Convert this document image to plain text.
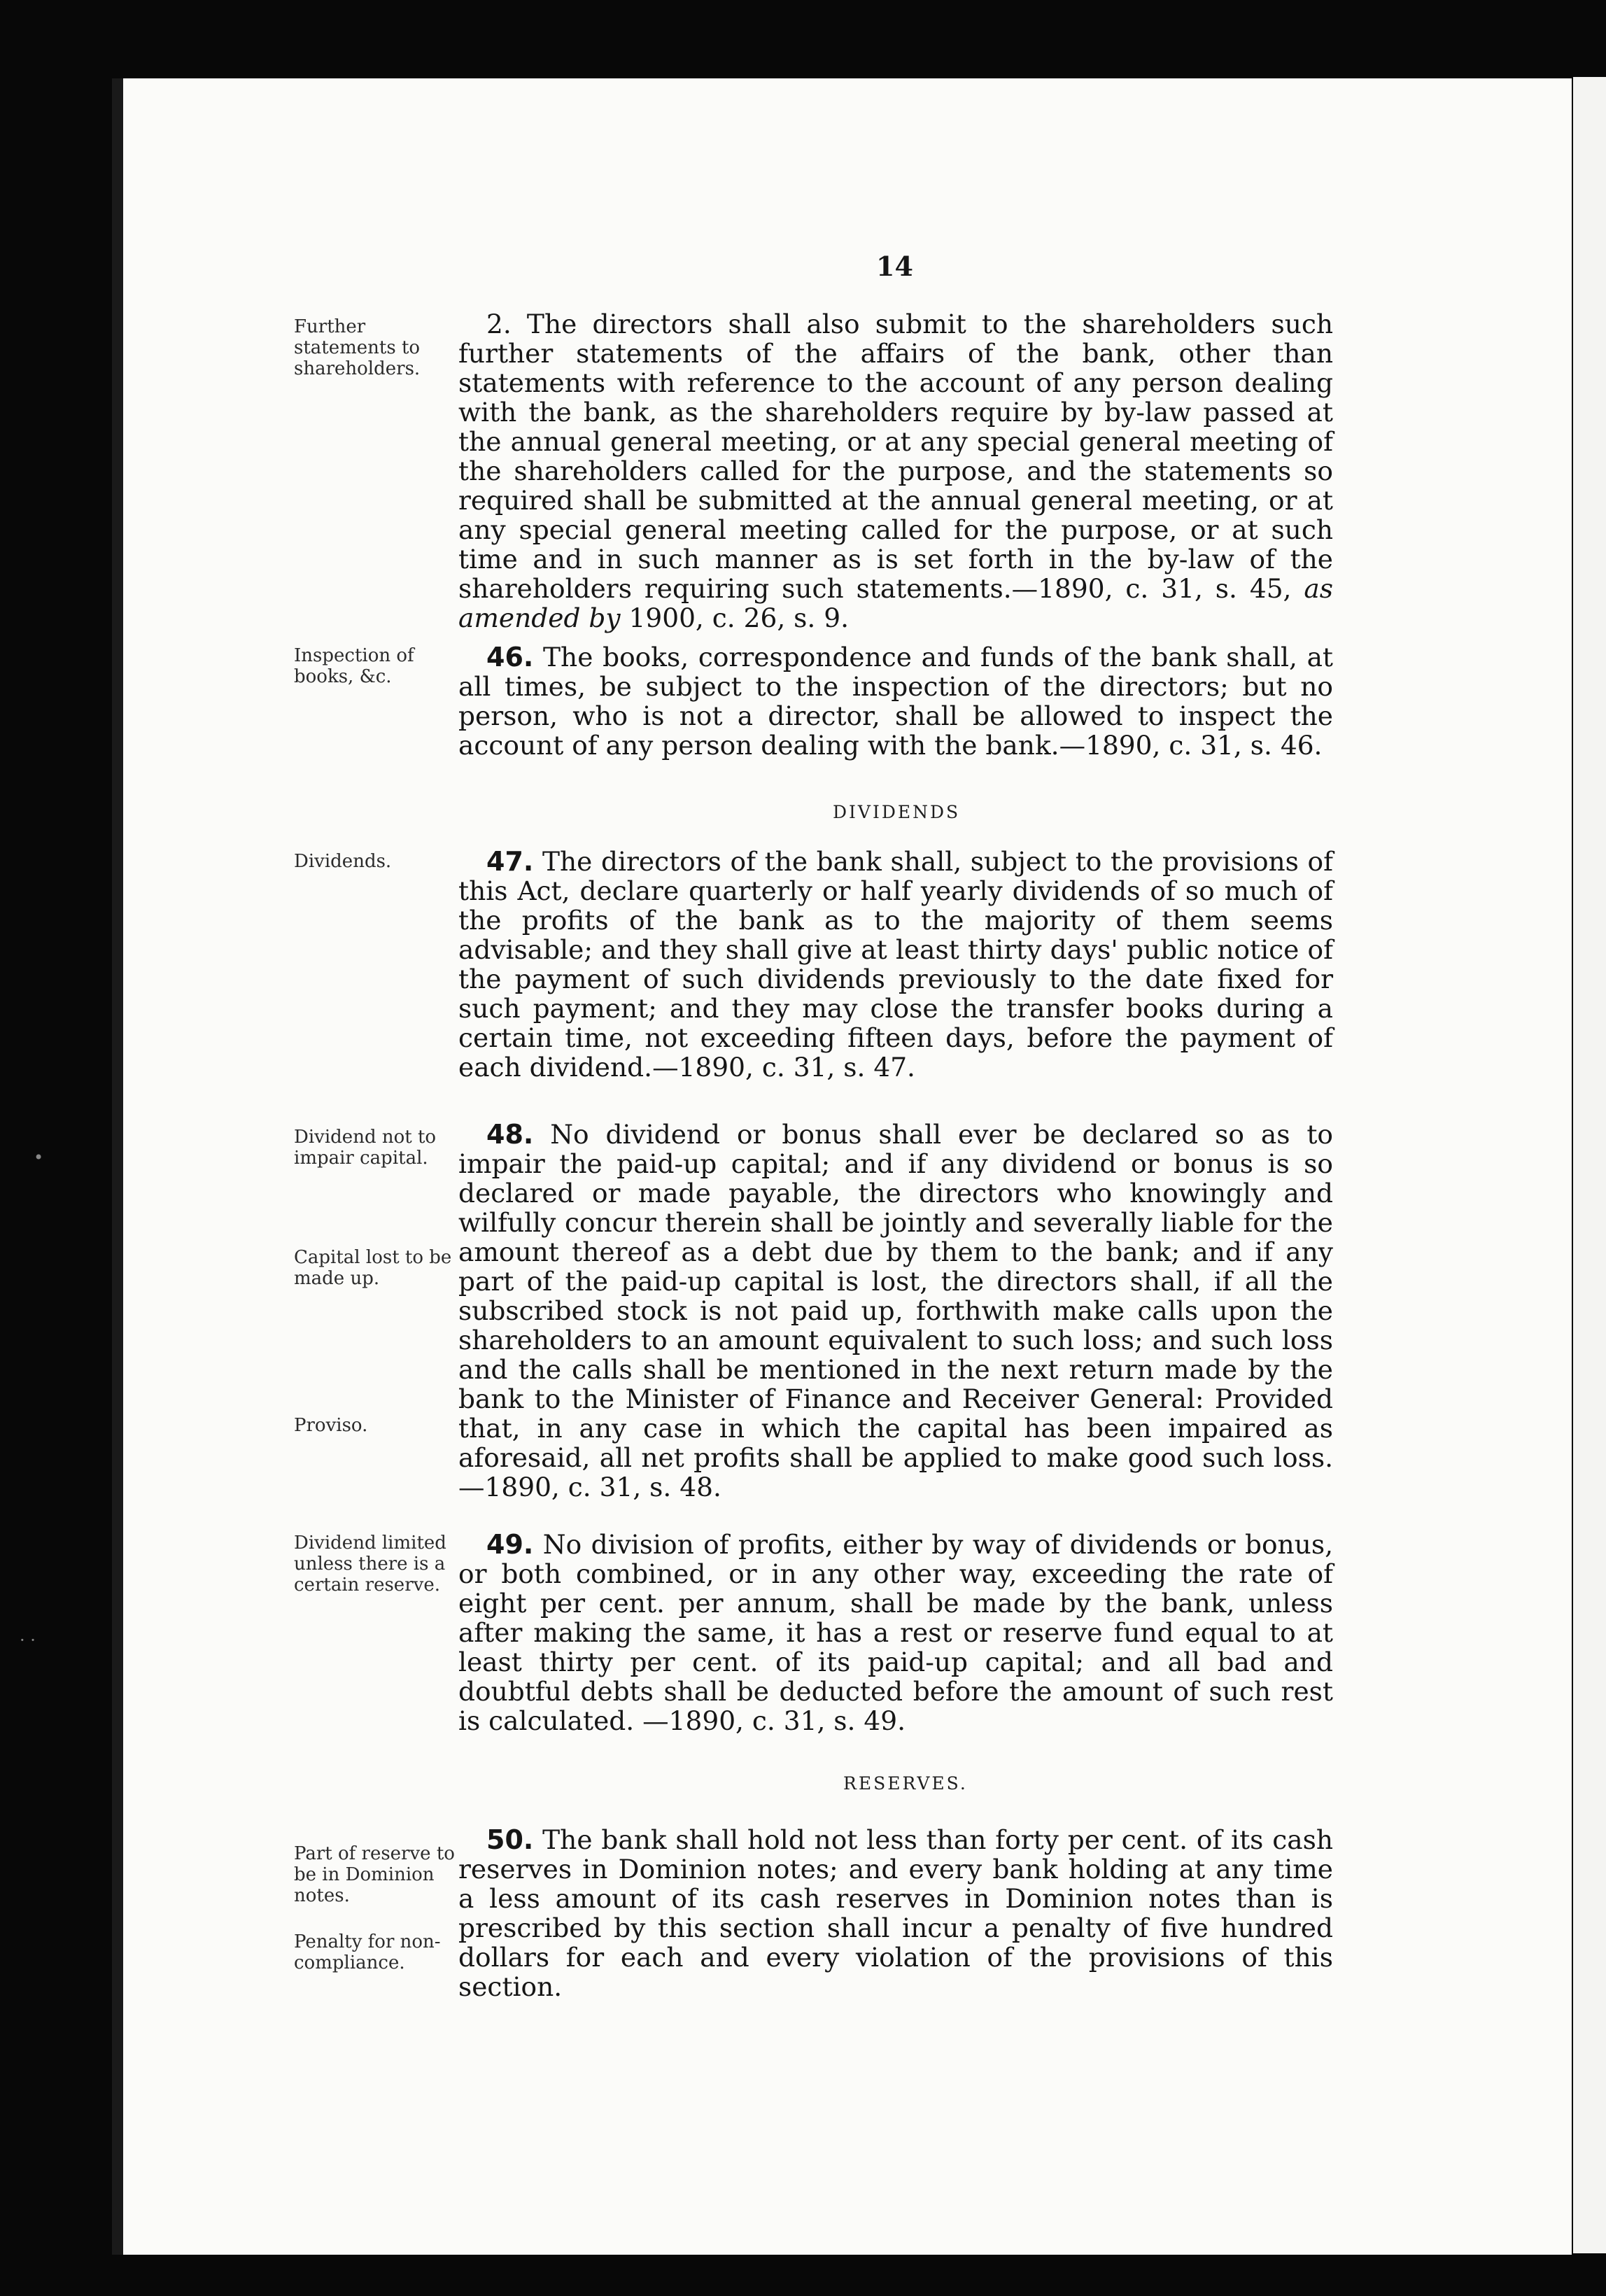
•
· ·
14

Further statements to shareholders.

2. The directors shall also submit to the shareholders such further statements of the affairs of the bank, other than statements with reference to the account of any person dealing with the bank, as the shareholders require by by-law passed at the annual general meeting, or at any special general meeting of the shareholders called for the purpose, and the statements so required shall be submitted at the annual general meeting, or at any special general meeting called for the purpose, or at such time and in such manner as is set forth in the by-law of the shareholders requiring such statements.—1890, c. 31, s. 45, as amended by 1900, c. 26, s. 9.

Inspection of books, &c.

46. The books, correspondence and funds of the bank shall, at all times, be subject to the inspection of the directors; but no person, who is not a director, shall be allowed to inspect the account of any person dealing with the bank.—1890, c. 31, s. 46.

DIVIDENDS

Dividends.	47. The directors of the bank shall, subject to the provisions of this Act, declare quarterly or half yearly dividends of so much of the profits of the bank as to the majority of them seems advisable; and they shall give at least thirty days' public notice of the payment of such dividends previously to the date fixed for such payment; and they may close the transfer books during a certain time, not exceeding fifteen days, before the payment of each dividend.—1890, c. 31, s. 47.

Dividend not to impair capital.

Capital lost to be made up.

Proviso.

48. No dividend or bonus shall ever be declared so as to impair the paid-up capital; and if any dividend or bonus is so declared or made payable, the directors who knowingly and wilfully concur therein shall be jointly and severally liable for the amount thereof as a debt due by them to the bank; and if any part of the paid-up capital is lost, the directors shall, if all the subscribed stock is not paid up, forthwith make calls upon the shareholders to an amount equivalent to such loss; and such loss and the calls shall be mentioned in the next return made by the bank to the Minister of Finance and Receiver General: Provided that, in any case in which the capital has been impaired as aforesaid, all net profits shall be applied to make good such loss.—1890, c. 31, s. 48.

Dividend limited unless there is a certain reserve.

49. No division of profits, either by way of dividends or bonus, or both combined, or in any other way, exceeding the rate of eight per cent. per annum, shall be made by the bank, unless after making the same, it has a rest or reserve fund equal to at least thirty per cent. of its paid-up capital; and all bad and doubtful debts shall be deducted before the amount of such rest is calculated. —1890, c. 31, s. 49.

RESERVES.

Part of reserve to be in Dominion notes.

Penalty for non-compliance.

50. The bank shall hold not less than forty per cent. of its cash reserves in Dominion notes; and every bank holding at any time a less amount of its cash reserves in Dominion notes than is prescribed by this section shall incur a penalty of five hundred dollars for each and every violation of the provisions of this section.
